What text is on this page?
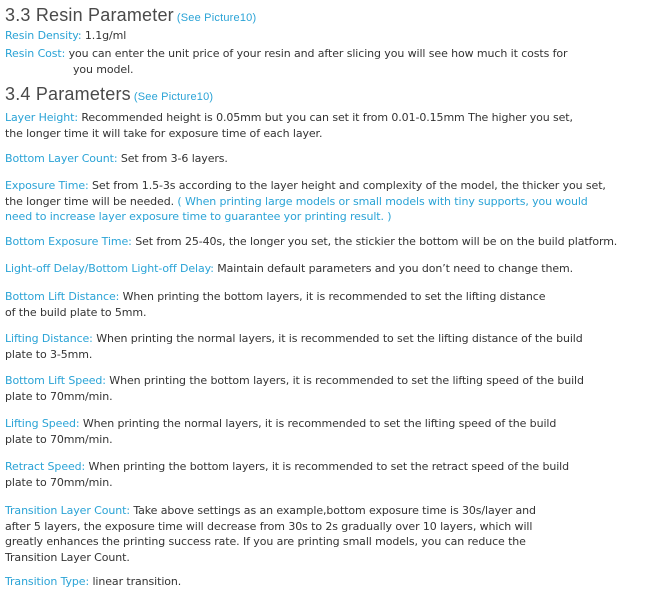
3.3 Resin Parameter (See Picture10)

Resin Density: 1.1g/ml

Resin Cost: you can enter the unit price of your resin and after slicing you will see how much it costs for
you model.

3.4 Parameters (See Picture10)

Layer Height: Recommended height is 0.05mm but you can set it from 0.01-0.15mm The higher you set,
the longer time it will take for exposure time of each layer.

Bottom Layer Count: Set from 3-6 layers.

Exposure Time: Set from 1.5-3s according to the layer height and complexity of the model, the thicker you set,
the longer time will be needed. ( When printing large models or small models with tiny supports, you would
need to increase layer exposure time to guarantee yor printing result. )

Bottom Exposure Time: Set from 25-40s, the longer you set, the stickier the bottom will be on the build platform.

Light-off Delay/Bottom Light-off Delay: Maintain default parameters and you don’t need to change them.

Bottom Lift Distance: When printing the bottom layers, it is recommended to set the lifting distance
of the build plate to 5mm.

Lifting Distance: When printing the normal layers, it is recommended to set the lifting distance of the build
plate to 3-5mm.

Bottom Lift Speed: When printing the bottom layers, it is recommended to set the lifting speed of the build
plate to 70mm/min.

Lifting Speed: When printing the normal layers, it is recommended to set the lifting speed of the build
plate to 70mm/min.

Retract Speed: When printing the bottom layers, it is recommended to set the retract speed of the build
plate to 70mm/min.

Transition Layer Count: Take above settings as an example,bottom exposure time is 30s/layer and
after 5 layers, the exposure time will decrease from 30s to 2s gradually over 10 layers, which will
greatly enhances the printing success rate. If you are printing small models, you can reduce the
Transition Layer Count.

Transition Type: linear transition.
